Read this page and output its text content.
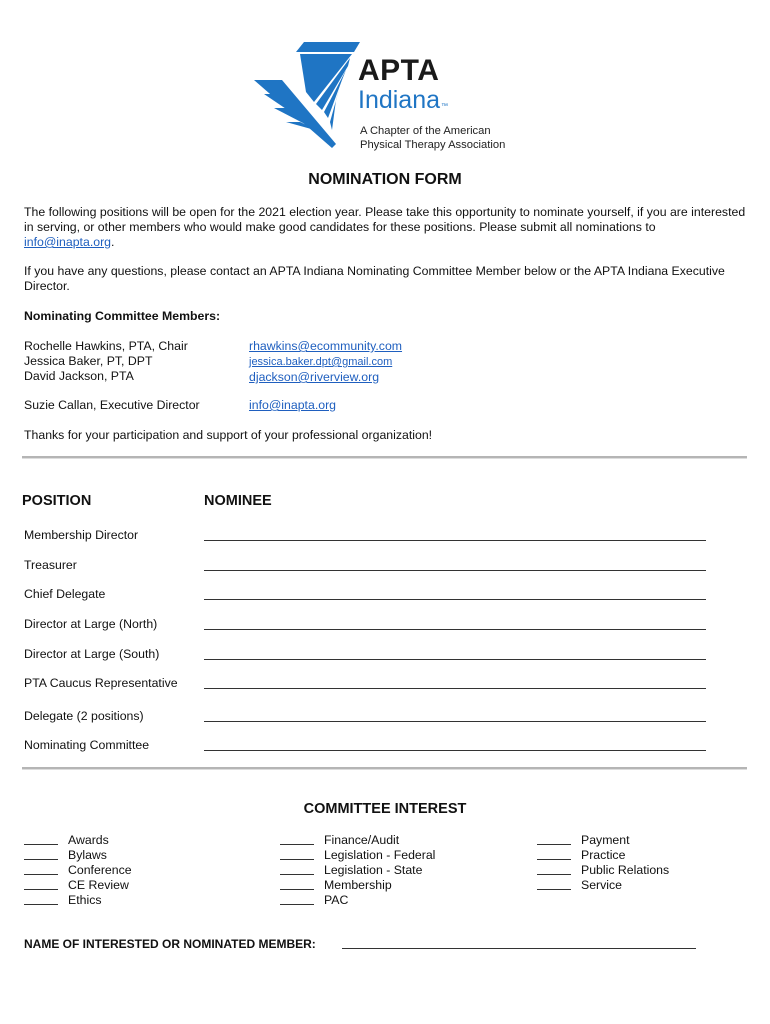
APTA
Indiana™
A Chapter of the American
Physical Therapy Association
NOMINATION FORM
The following positions will be open for the 2021 election year. Please take this opportunity to nominate yourself, if you are interested in serving, or other members who would make good candidates for these positions. Please submit all nominations to info@inapta.org.
If you have any questions, please contact an APTA Indiana Nominating Committee Member below or the APTA Indiana Executive Director.
Nominating Committee Members:
Rochelle Hawkins, PTA, Chair
Jessica Baker, PT, DPT
David Jackson, PTA
rhawkins@ecommunity.com
jessica.baker.dpt@gmail.com
djackson@riverview.org
Suzie Callan, Executive Director	info@inapta.org
Thanks for your participation and support of your professional organization!
POSITION	NOMINEE
Membership Director
Treasurer
Chief Delegate
Director at Large (North)
Director at Large (South)
PTA Caucus Representative
Delegate (2 positions)
Nominating Committee
COMMITTEE INTEREST
Awards
Bylaws
Conference
CE Review
Ethics
Finance/Audit
Legislation - Federal
Legislation - State
Membership
PAC
Payment
Practice
Public Relations
Service
NAME OF INTERESTED OR NOMINATED MEMBER:
